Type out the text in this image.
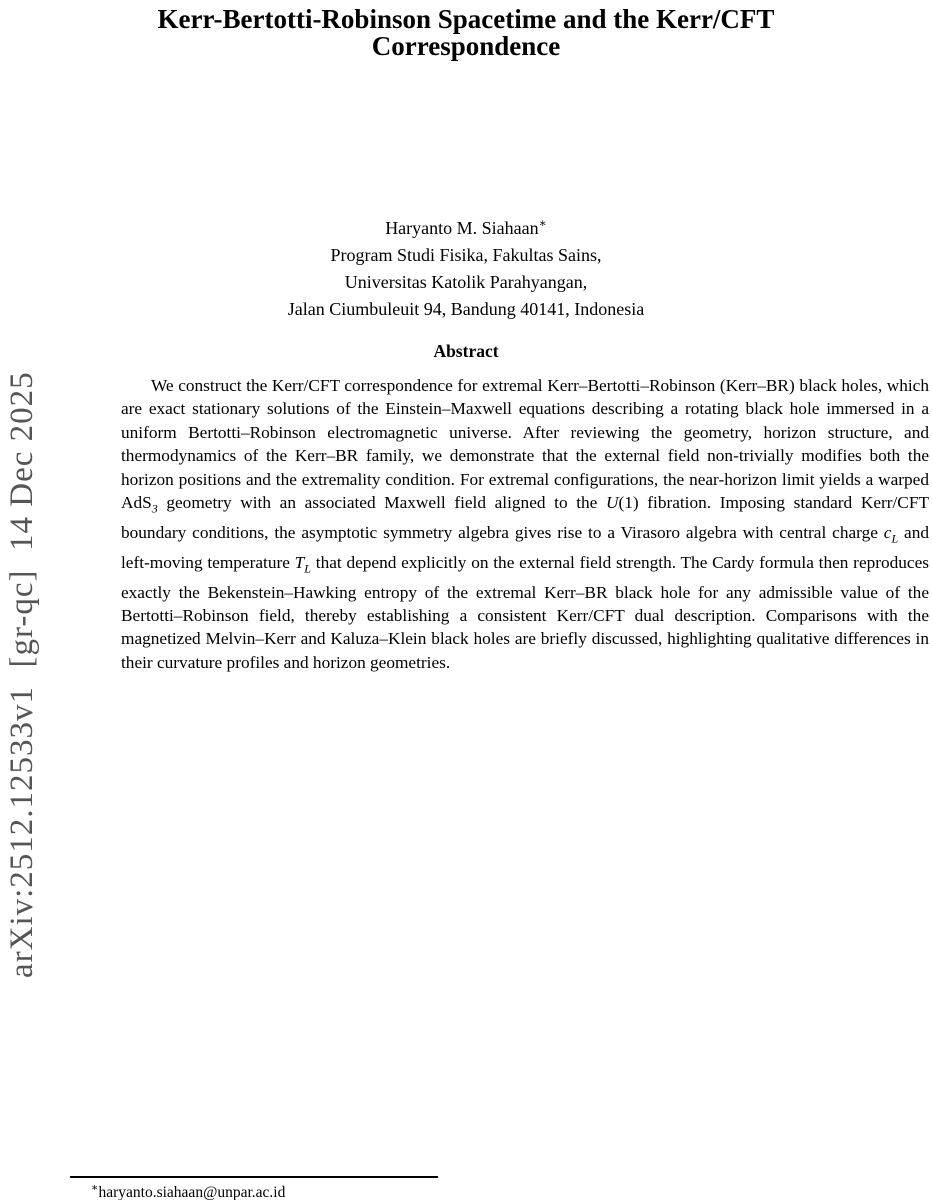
Kerr-Bertotti-Robinson Spacetime and the Kerr/CFT Correspondence
Haryanto M. Siahaan∗
Program Studi Fisika, Fakultas Sains,
Universitas Katolik Parahyangan,
Jalan Ciumbuleuit 94, Bandung 40141, Indonesia
Abstract
We construct the Kerr/CFT correspondence for extremal Kerr–Bertotti–Robinson (Kerr–BR) black holes, which are exact stationary solutions of the Einstein–Maxwell equations describing a rotating black hole immersed in a uniform Bertotti–Robinson electromagnetic universe. After reviewing the geometry, horizon structure, and thermodynamics of the Kerr–BR family, we demonstrate that the external field non-trivially modifies both the horizon positions and the extremality condition. For extremal configurations, the near-horizon limit yields a warped AdS$_3$ geometry with an associated Maxwell field aligned to the U(1) fibration. Imposing standard Kerr/CFT boundary conditions, the asymptotic symmetry algebra gives rise to a Virasoro algebra with central charge $c_L$ and left-moving temperature $T_L$ that depend explicitly on the external field strength. The Cardy formula then reproduces exactly the Bekenstein–Hawking entropy of the extremal Kerr–BR black hole for any admissible value of the Bertotti–Robinson field, thereby establishing a consistent Kerr/CFT dual description. Comparisons with the magnetized Melvin–Kerr and Kaluza–Klein black holes are briefly discussed, highlighting qualitative differences in their curvature profiles and horizon geometries.
arXiv:2512.12533v1  [gr-qc]  14 Dec 2025
∗haryanto.siahaan@unpar.ac.id
